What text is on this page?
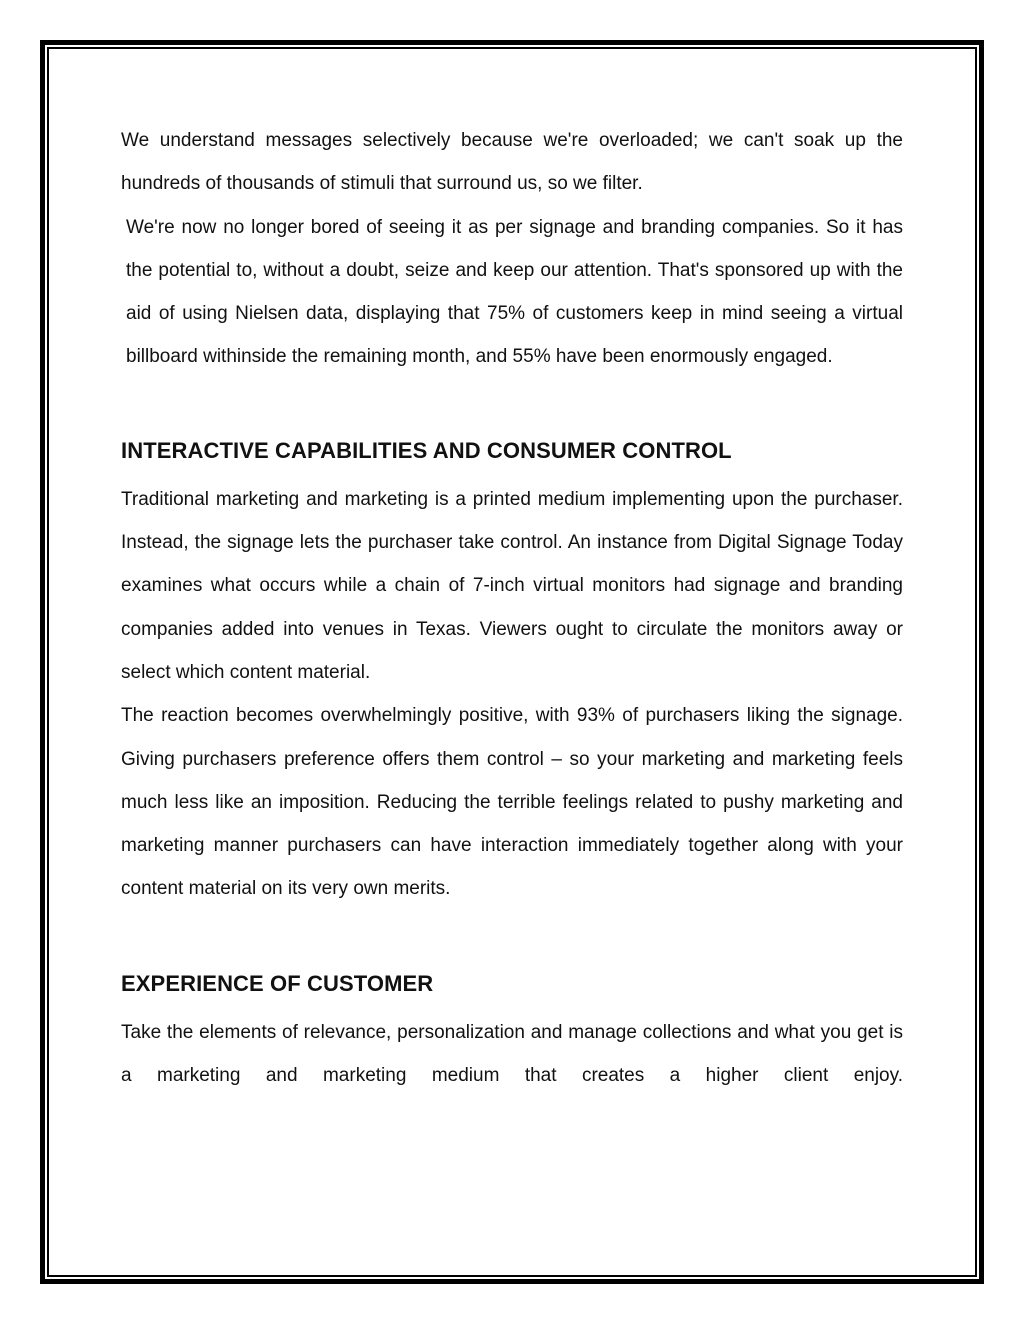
We understand messages selectively because we're overloaded; we can't soak up the hundreds of thousands of stimuli that surround us, so we filter.

We're now no longer bored of seeing it as per signage and branding companies. So it has the potential to, without a doubt, seize and keep our attention. That's sponsored up with the aid of using Nielsen data, displaying that 75% of customers keep in mind seeing a virtual billboard withinside the remaining month, and 55% have been enormously engaged.

INTERACTIVE CAPABILITIES AND CONSUMER CONTROL

Traditional marketing and marketing is a printed medium implementing upon the purchaser. Instead, the signage lets the purchaser take control. An instance from Digital Signage Today examines what occurs while a chain of 7-inch virtual monitors had signage and branding companies added into venues in Texas. Viewers ought to circulate the monitors away or select which content material.

The reaction becomes overwhelmingly positive, with 93% of purchasers liking the signage. Giving purchasers preference offers them control – so your marketing and marketing feels much less like an imposition. Reducing the terrible feelings related to pushy marketing and marketing manner purchasers can have interaction immediately together along with your content material on its very own merits.

EXPERIENCE OF CUSTOMER

Take the elements of relevance, personalization and manage collections and what you get is a marketing and marketing medium that creates a higher client enjoy.
